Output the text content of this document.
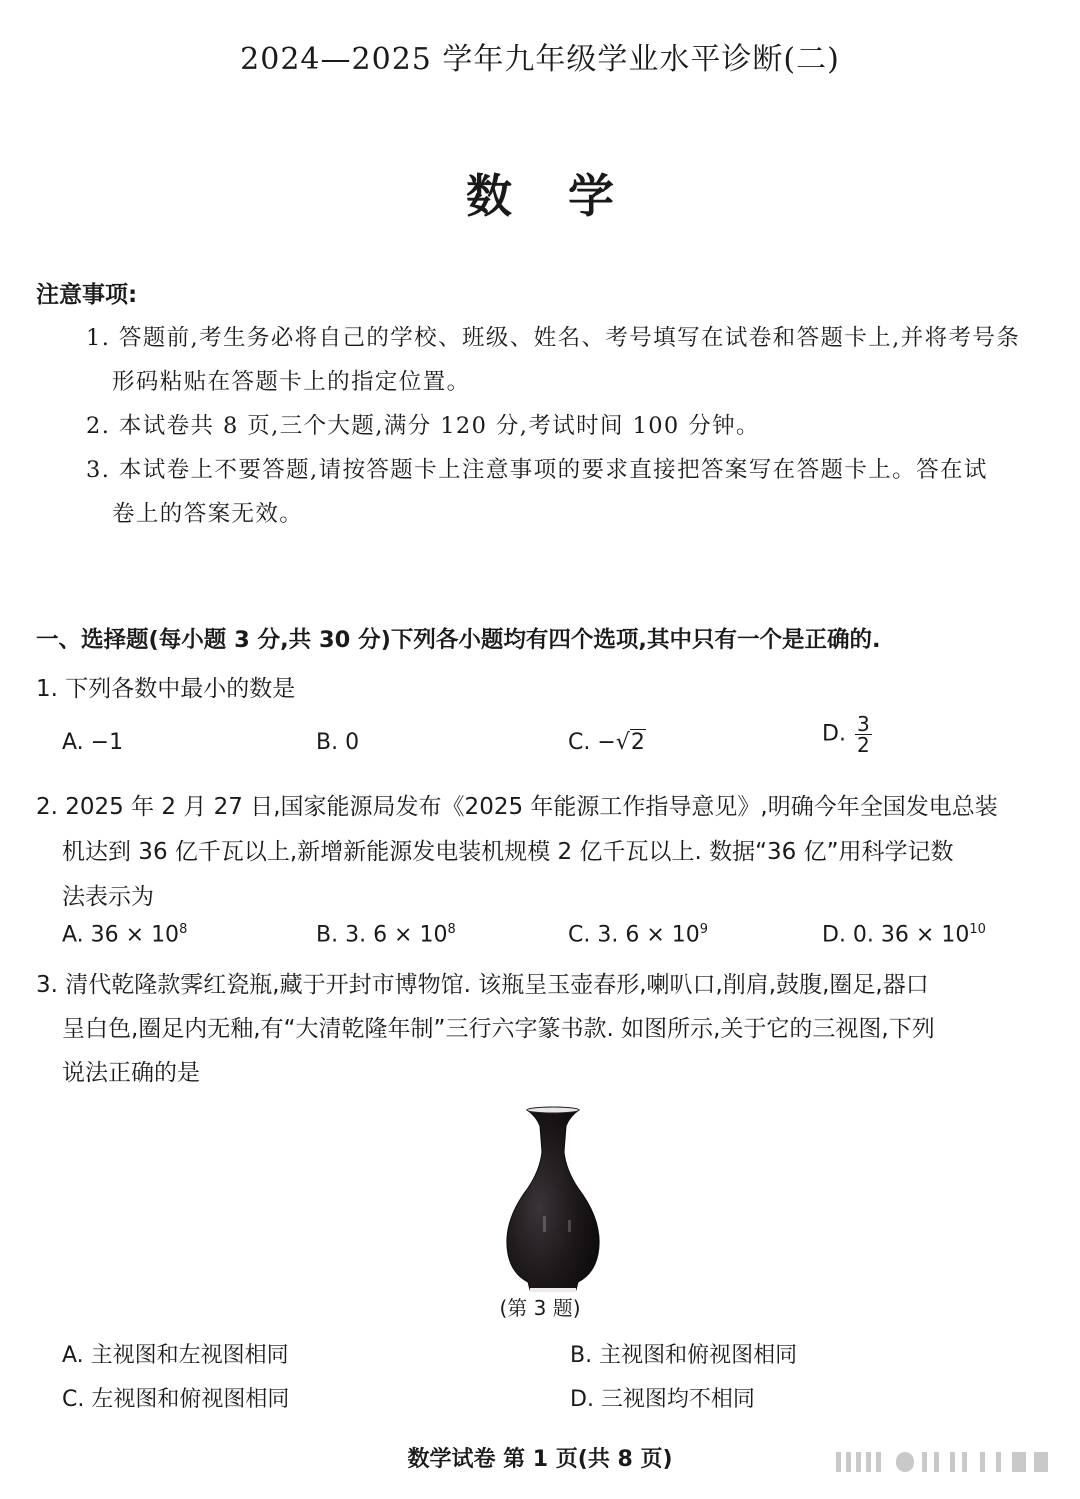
2024—2025 学年九年级学业水平诊断(二)
数学
注意事项:
1. 答题前,考生务必将自己的学校、班级、姓名、考号填写在试卷和答题卡上,并将考号条
形码粘贴在答题卡上的指定位置。
2. 本试卷共 8 页,三个大题,满分 120 分,考试时间 100 分钟。
3. 本试卷上不要答题,请按答题卡上注意事项的要求直接把答案写在答题卡上。答在试
卷上的答案无效。
一、选择题(每小题 3 分,共 30 分)下列各小题均有四个选项,其中只有一个是正确的.
1. 下列各数中最小的数是
A. −1	B. 0	C. −√2	D. $\frac{3}{2}$
2. 2025 年 2 月 27 日,国家能源局发布《2025 年能源工作指导意见》,明确今年全国发电总装
机达到 36 亿千瓦以上,新增新能源发电装机规模 2 亿千瓦以上. 数据“36 亿”用科学记数
法表示为
A. $36 \times 10^8$	B. 3. $6 \times 10^8$	C. 3. $6 \times 10^9$	D. 0. $36 \times 10^{10}$
3. 清代乾隆款霁红瓷瓶,藏于开封市博物馆. 该瓶呈玉壶春形,喇叭口,削肩,鼓腹,圈足,器口
呈白色,圈足内无釉,有“大清乾隆年制”三行六字篆书款. 如图所示,关于它的三视图,下列
说法正确的是
(第 3 题)
A. 主视图和左视图相同	B. 主视图和俯视图相同
C. 左视图和俯视图相同	D. 三视图均不相同
数学试卷 第 1 页(共 8 页)
